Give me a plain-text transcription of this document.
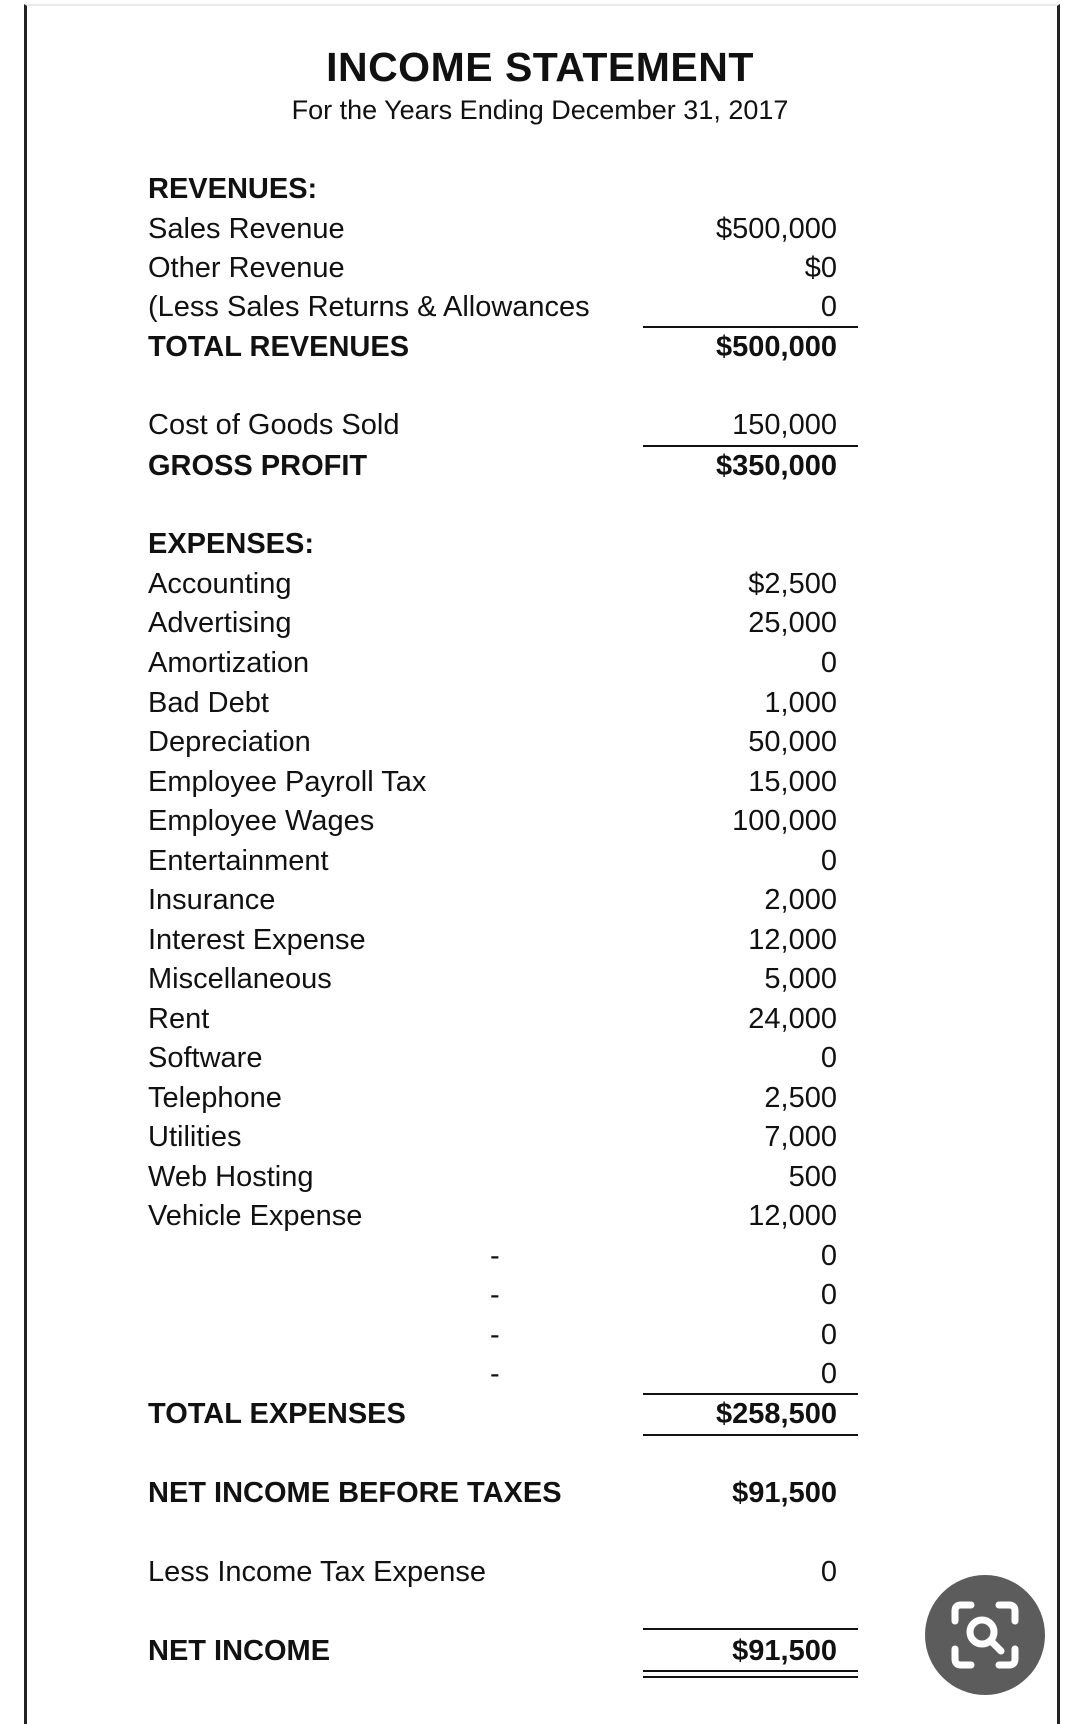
INCOME STATEMENT
For the Years Ending December 31, 2017
REVENUES:
Sales Revenue	$500,000
Other Revenue	$0
(Less Sales Returns & Allowances	0
TOTAL REVENUES	$500,000
Cost of Goods Sold	150,000
GROSS PROFIT	$350,000
EXPENSES:
Accounting	$2,500
Advertising	25,000
Amortization	0
Bad Debt	1,000
Depreciation	50,000
Employee Payroll Tax	15,000
Employee Wages	100,000
Entertainment	0
Insurance	2,000
Interest Expense	12,000
Miscellaneous	5,000
Rent	24,000
Software	0
Telephone	2,500
Utilities	7,000
Web Hosting	500
Vehicle Expense	12,000
-	0
-	0
-	0
-	0
TOTAL EXPENSES	$258,500
NET INCOME BEFORE TAXES	$91,500
Less Income Tax Expense	0
NET INCOME	$91,500
